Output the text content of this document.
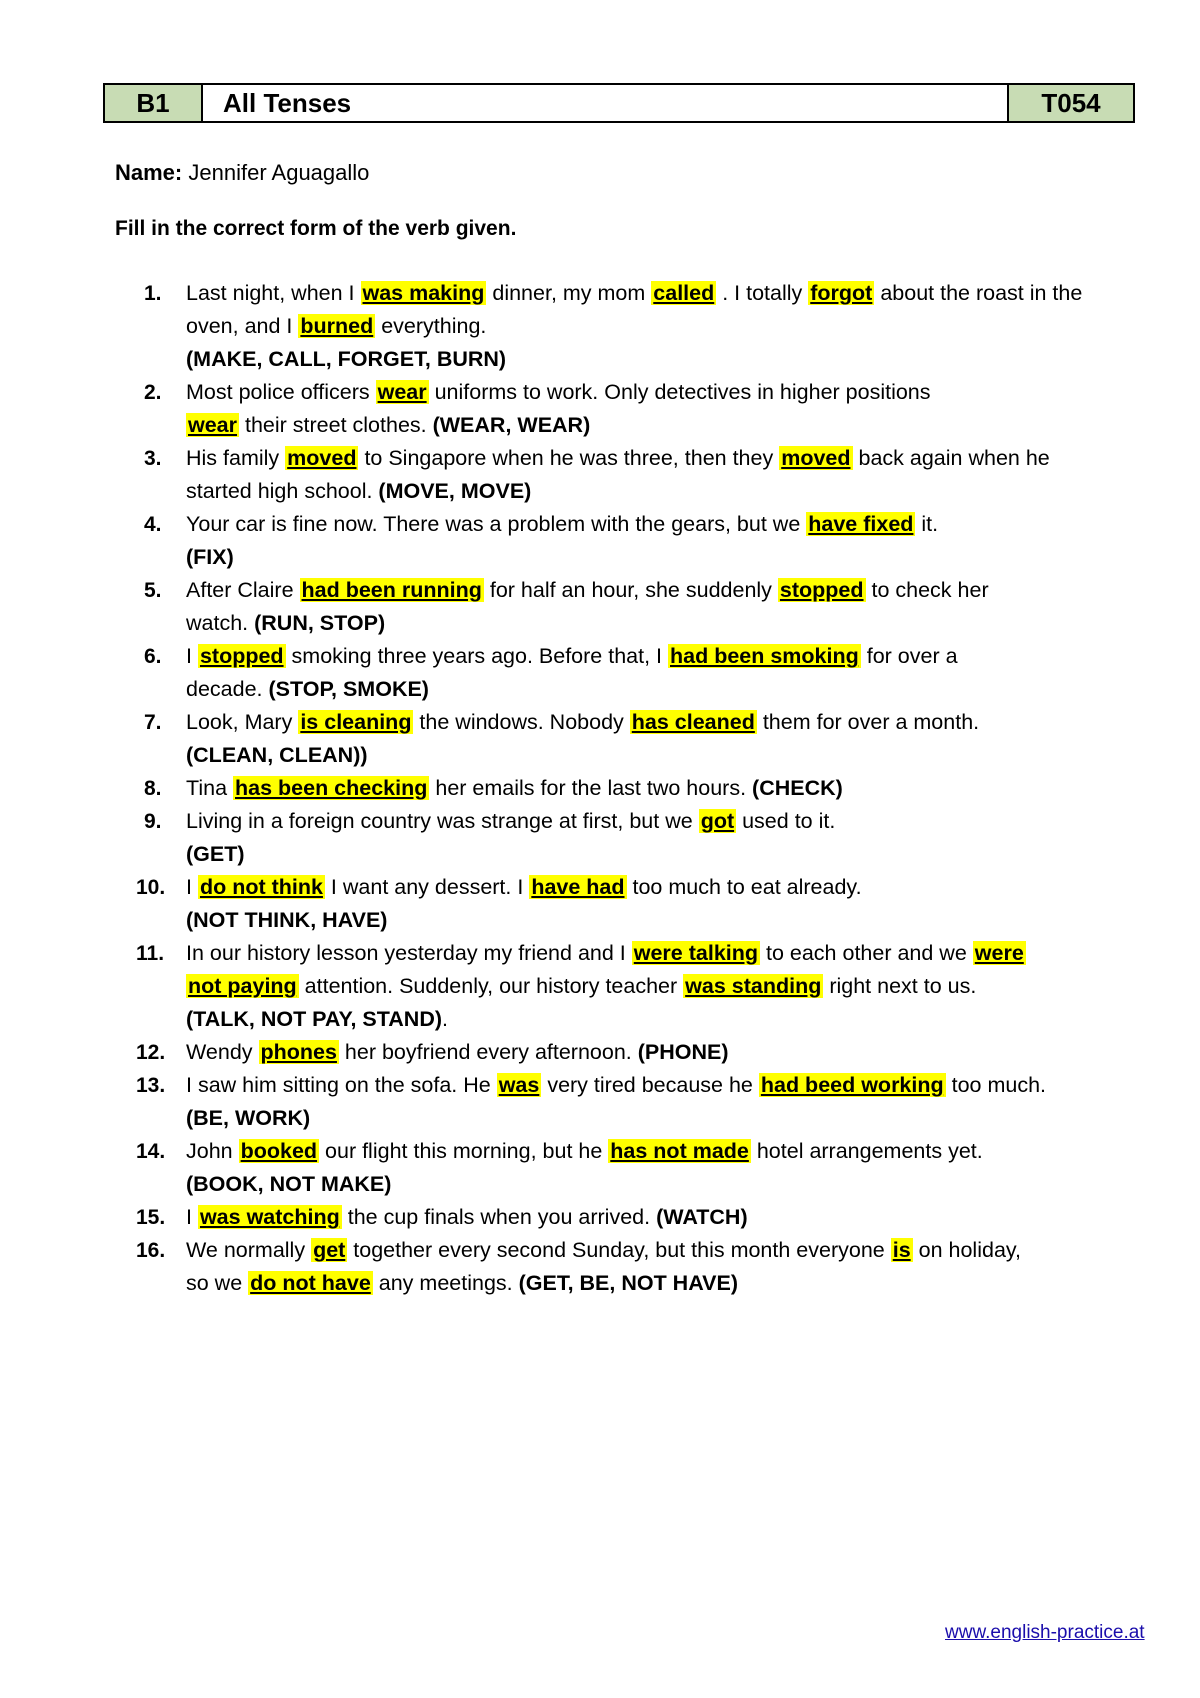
B1	All Tenses	T054
Name: Jennifer Aguagallo
Fill in the correct form of the verb given.
1.	Last night, when I was making dinner, my mom called . I totally forgot about the roast in the
oven, and I burned everything.
(MAKE, CALL, FORGET, BURN)
2.	Most police officers wear uniforms to work. Only detectives in higher positions
wear their street clothes. (WEAR, WEAR)
3.	His family moved to Singapore when he was three, then they moved back again when he
started high school. (MOVE, MOVE)
4.	Your car is fine now. There was a problem with the gears, but we have fixed it.
(FIX)
5.	After Claire had been running for half an hour, she suddenly stopped to check her
watch. (RUN, STOP)
6.	I stopped smoking three years ago. Before that, I had been smoking for over a
decade. (STOP, SMOKE)
7.	Look, Mary is cleaning the windows. Nobody has cleaned them for over a month.
(CLEAN, CLEAN))
8.	Tina has been checking her emails for the last two hours. (CHECK)
9.	Living in a foreign country was strange at first, but we got used to it.
(GET)
10. I do not think I want any dessert. I have had too much to eat already.
(NOT THINK, HAVE)
11.	In our history lesson yesterday my friend and I were talking to each other and we were
not paying attention. Suddenly, our history teacher was standing right next to us.
(TALK, NOT PAY, STAND).
12. Wendy phones her boyfriend every afternoon. (PHONE)
13. I saw him sitting on the sofa. He was very tired because he had beed working too much.
(BE, WORK)
14. John booked our flight this morning, but he has not made hotel arrangements yet.
(BOOK, NOT MAKE)
15. I was watching the cup finals when you arrived. (WATCH)
16. We normally get together every second Sunday, but this month everyone is on holiday,
so we do not have any meetings. (GET, BE, NOT HAVE)
www.english-practice.at
